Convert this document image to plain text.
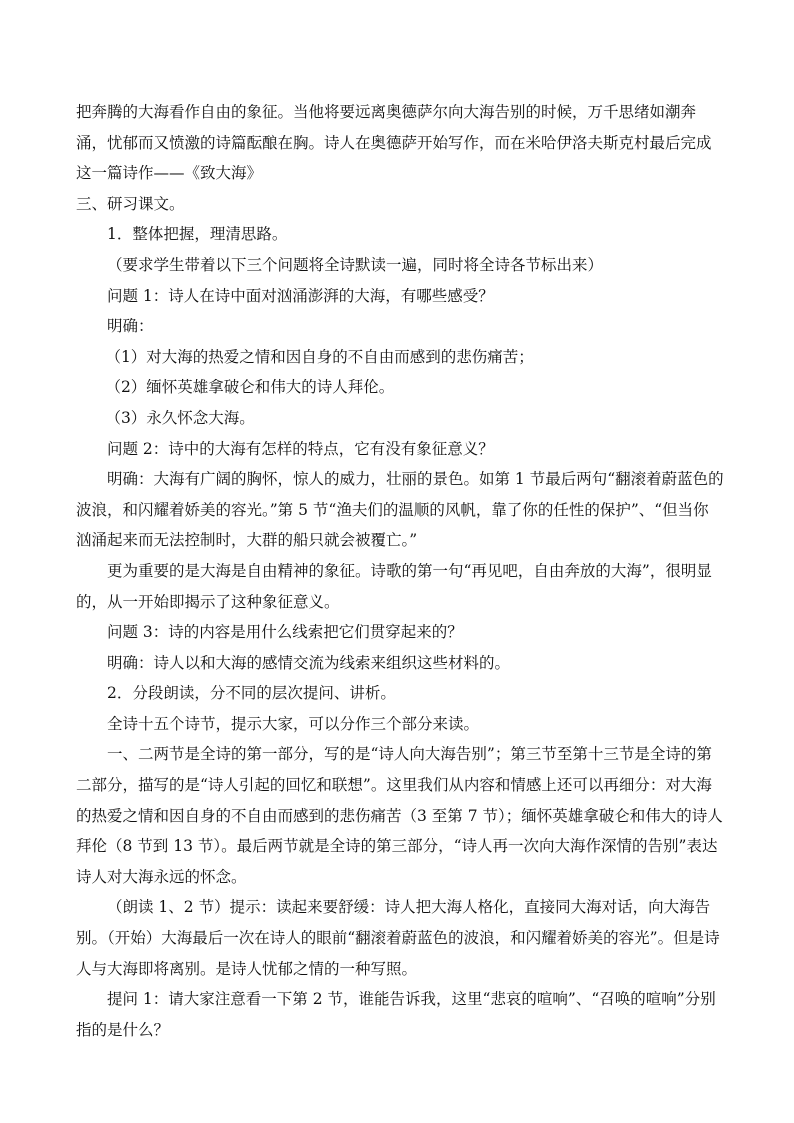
把奔腾的大海看作自由的象征。当他将要远离奥德萨尔向大海告别的时候，万千思绪如潮奔涌，忧郁而又愤激的诗篇酝酿在胸。诗人在奥德萨开始写作，而在米哈伊洛夫斯克村最后完成这一篇诗作——《致大海》

三、研习课文。

1．整体把握，理清思路。

（要求学生带着以下三个问题将全诗默读一遍，同时将全诗各节标出来）

问题 1：诗人在诗中面对汹涌澎湃的大海，有哪些感受？

明确：

（1）对大海的热爱之情和因自身的不自由而感到的悲伤痛苦；

（2）缅怀英雄拿破仑和伟大的诗人拜伦。

（3）永久怀念大海。

问题 2：诗中的大海有怎样的特点，它有没有象征意义？

明确：大海有广阔的胸怀，惊人的威力，壮丽的景色。如第 1 节最后两句“翻滚着蔚蓝色的波浪，和闪耀着娇美的容光。”第 5 节“渔夫们的温顺的风帆，靠了你的任性的保护”、“但当你汹涌起来而无法控制时，大群的船只就会被覆亡。”

更为重要的是大海是自由精神的象征。诗歌的第一句“再见吧，自由奔放的大海”，很明显的，从一开始即揭示了这种象征意义。

问题 3：诗的内容是用什么线索把它们贯穿起来的？

明确：诗人以和大海的感情交流为线索来组织这些材料的。

2．分段朗读，分不同的层次提问、讲析。

全诗十五个诗节，提示大家，可以分作三个部分来读。

一、二两节是全诗的第一部分，写的是“诗人向大海告别”；第三节至第十三节是全诗的第二部分，描写的是“诗人引起的回忆和联想”。这里我们从内容和情感上还可以再细分：对大海的热爱之情和因自身的不自由而感到的悲伤痛苦（3 至第 7 节）；缅怀英雄拿破仑和伟大的诗人拜伦（8 节到 13 节）。最后两节就是全诗的第三部分，“诗人再一次向大海作深情的告别”表达诗人对大海永远的怀念。

（朗读 1、2 节）提示：读起来要舒缓：诗人把大海人格化，直接同大海对话，向大海告别。（开始）大海最后一次在诗人的眼前“翻滚着蔚蓝色的波浪，和闪耀着娇美的容光”。但是诗人与大海即将离别。是诗人忧郁之情的一种写照。

提问 1：请大家注意看一下第 2 节，谁能告诉我，这里“悲哀的喧响”、“召唤的喧响”分别指的是什么？
